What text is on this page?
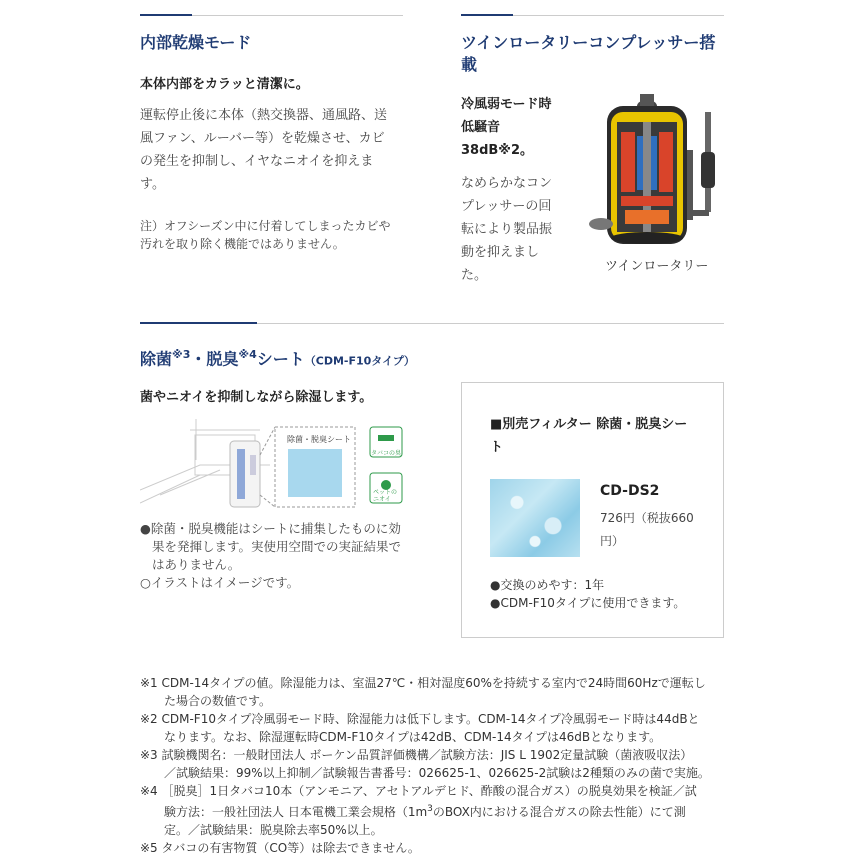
内部乾燥モード
本体内部をカラッと清潔に。
運転停止後に本体（熱交換器、通風路、送
風ファン、ルーバー等）を乾燥させ、カビ
の発生を抑制し、イヤなニオイを抑えま
す。
注）オフシーズン中に付着してしまったカビや
汚れを取り除く機能ではありません。
ツインロータリーコンプレッサー搭
載
冷風弱モード時
低騒音
38dB※2。
なめらかなコン
プレッサーの回
転により製品振
動を抑えまし
た。
ツインロータリー
除菌$^{※3}$・脱臭$^{※4}$シート（CDM-F10タイプ）
菌やニオイを抑制しながら除湿します。
除菌・脱臭シート
タバコの臭
ペットの
ニオイ
●除菌・脱臭機能はシートに捕集したものに効
果を発揮します。実使用空間での実証結果で
はありません。
○イラストはイメージです。
■別売フィルター 除菌・脱臭シー
ト
CD-DS2
726円（税抜660
円）
●交換のめやす：1年
●CDM-F10タイプに使用できます。
※1 CDM-14タイプの値。除湿能力は、室温27℃・相対湿度60%を持続する室内で24時間60Hzで運転し
た場合の数値です。
※2 CDM-F10タイプ冷風弱モード時、除湿能力は低下します。CDM-14タイプ冷風弱モード時は44dBと
なります。なお、除湿運転時CDM-F10タイプは42dB、CDM-14タイプは46dBとなります。
※3 試験機関名：一般財団法人 ボーケン品質評価機構／試験方法：JIS L 1902定量試験（菌液吸収法）
／試験結果：99%以上抑制／試験報告書番号：026625-1、026625-2試験は2種類のみの菌で実施。
※4 ［脱臭］1日タバコ10本（アンモニア、アセトアルデヒド、酢酸の混合ガス）の脱臭効果を検証／試
験方法：一般社団法人 日本電機工業会規格（$1m^3$のBOX内における混合ガスの除去性能）にて測
定。／試験結果：脱臭除去率50%以上。
※5 タバコの有害物質（CO等）は除去できません。
